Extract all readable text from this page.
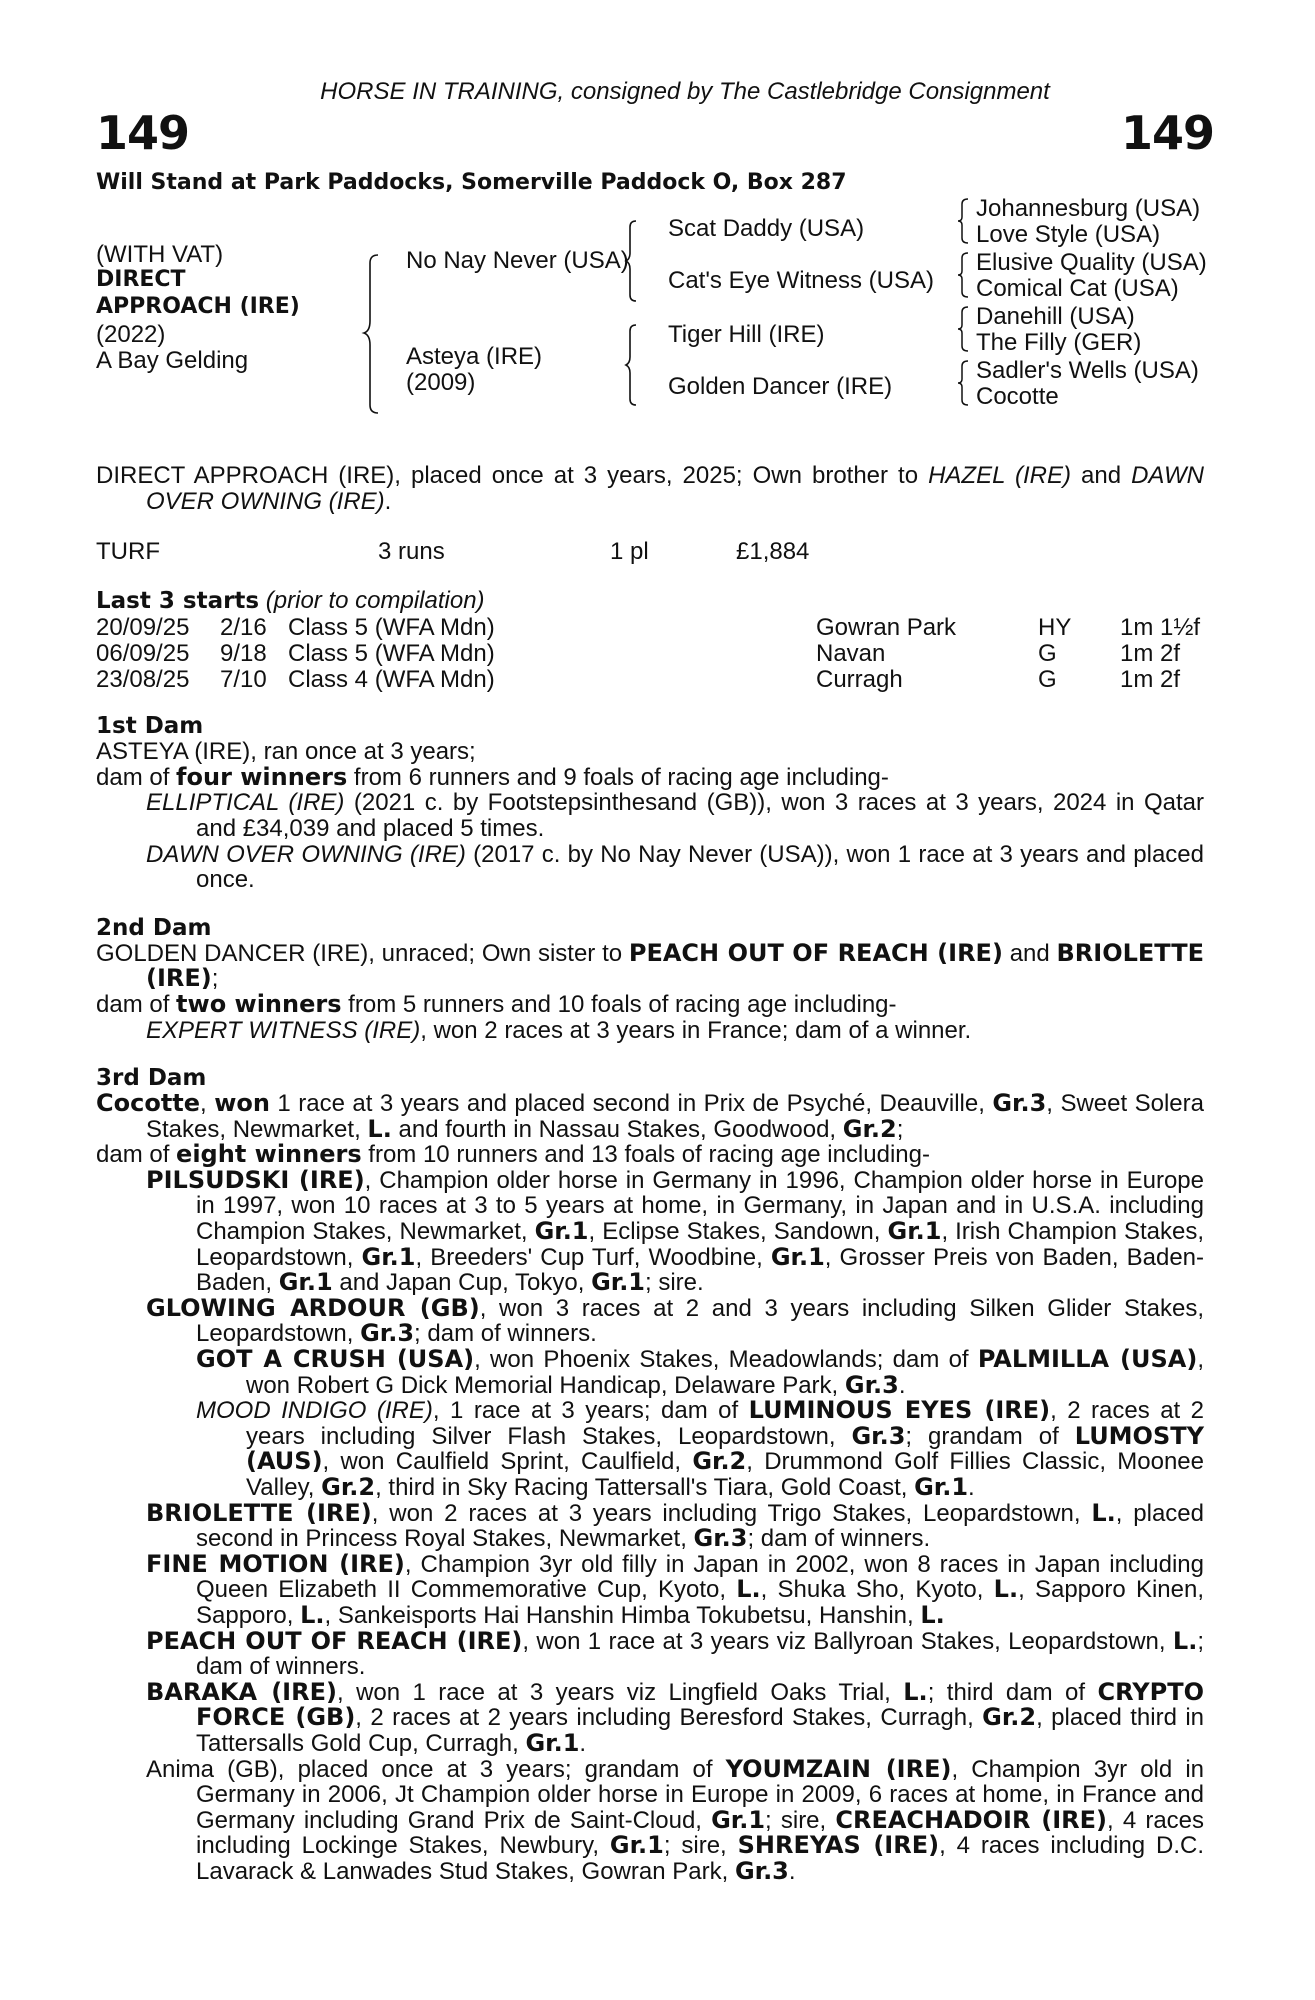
HORSE IN TRAINING, consigned by The Castlebridge Consignment
149	149
Will Stand at Park Paddocks, Somerville Paddock O, Box 287
(WITH VAT)
DIRECT
APPROACH (IRE)
(2022)
A Bay Gelding
No Nay Never (USA)
Asteya (IRE)
(2009)
Scat Daddy (USA)
Cat's Eye Witness (USA)
Tiger Hill (IRE)
Golden Dancer (IRE)
Johannesburg (USA)
Love Style (USA)
Elusive Quality (USA)
Comical Cat (USA)
Danehill (USA)
The Filly (GER)
Sadler's Wells (USA)
Cocotte
DIRECT APPROACH (IRE), placed once at 3 years, 2025; Own brother to HAZEL (IRE) and DAWN OVER OWNING (IRE).
TURF	3 runs	1 pl	£1,884
Last 3 starts (prior to compilation)
20/09/25 2/16 Class 5 (WFA Mdn)	Gowran Park	HY 1m 1½f
06/09/25 9/18 Class 5 (WFA Mdn)	Navan	G	1m 2f
23/08/25 7/10 Class 4 (WFA Mdn)	Curragh	G	1m 2f
1st Dam
ASTEYA (IRE), ran once at 3 years;
dam of four winners from 6 runners and 9 foals of racing age including-
ELLIPTICAL (IRE) (2021 c. by Footstepsinthesand (GB)), won 3 races at 3 years, 2024 in Qatar and £34,039 and placed 5 times.
DAWN OVER OWNING (IRE) (2017 c. by No Nay Never (USA)), won 1 race at 3 years and placed once.
2nd Dam
GOLDEN DANCER (IRE), unraced; Own sister to PEACH OUT OF REACH (IRE) and BRIOLETTE (IRE);
dam of two winners from 5 runners and 10 foals of racing age including-
EXPERT WITNESS (IRE), won 2 races at 3 years in France; dam of a winner.
3rd Dam
Cocotte, won 1 race at 3 years and placed second in Prix de Psyché, Deauville, Gr.3, Sweet Solera Stakes, Newmarket, L. and fourth in Nassau Stakes, Goodwood, Gr.2;
dam of eight winners from 10 runners and 13 foals of racing age including-
PILSUDSKI (IRE), Champion older horse in Germany in 1996, Champion older horse in Europe in 1997, won 10 races at 3 to 5 years at home, in Germany, in Japan and in U.S.A. including Champion Stakes, Newmarket, Gr.1, Eclipse Stakes, Sandown, Gr.1, Irish Champion Stakes, Leopardstown, Gr.1, Breeders' Cup Turf, Woodbine, Gr.1, Grosser Preis von Baden, Baden-Baden, Gr.1 and Japan Cup, Tokyo, Gr.1; sire.
GLOWING ARDOUR (GB), won 3 races at 2 and 3 years including Silken Glider Stakes, Leopardstown, Gr.3; dam of winners.
GOT A CRUSH (USA), won Phoenix Stakes, Meadowlands; dam of PALMILLA (USA), won Robert G Dick Memorial Handicap, Delaware Park, Gr.3.
MOOD INDIGO (IRE), 1 race at 3 years; dam of LUMINOUS EYES (IRE), 2 races at 2 years including Silver Flash Stakes, Leopardstown, Gr.3; grandam of LUMOSTY (AUS), won Caulfield Sprint, Caulfield, Gr.2, Drummond Golf Fillies Classic, Moonee Valley, Gr.2, third in Sky Racing Tattersall's Tiara, Gold Coast, Gr.1.
BRIOLETTE (IRE), won 2 races at 3 years including Trigo Stakes, Leopardstown, L., placed second in Princess Royal Stakes, Newmarket, Gr.3; dam of winners.
FINE MOTION (IRE), Champion 3yr old filly in Japan in 2002, won 8 races in Japan including Queen Elizabeth II Commemorative Cup, Kyoto, L., Shuka Sho, Kyoto, L., Sapporo Kinen, Sapporo, L., Sankeisports Hai Hanshin Himba Tokubetsu, Hanshin, L.
PEACH OUT OF REACH (IRE), won 1 race at 3 years viz Ballyroan Stakes, Leopardstown, L.; dam of winners.
BARAKA (IRE), won 1 race at 3 years viz Lingfield Oaks Trial, L.; third dam of CRYPTO FORCE (GB), 2 races at 2 years including Beresford Stakes, Curragh, Gr.2, placed third in Tattersalls Gold Cup, Curragh, Gr.1.
Anima (GB), placed once at 3 years; grandam of YOUMZAIN (IRE), Champion 3yr old in Germany in 2006, Jt Champion older horse in Europe in 2009, 6 races at home, in France and Germany including Grand Prix de Saint-Cloud, Gr.1; sire, CREACHADOIR (IRE), 4 races including Lockinge Stakes, Newbury, Gr.1; sire, SHREYAS (IRE), 4 races including D.C. Lavarack & Lanwades Stud Stakes, Gowran Park, Gr.3.
